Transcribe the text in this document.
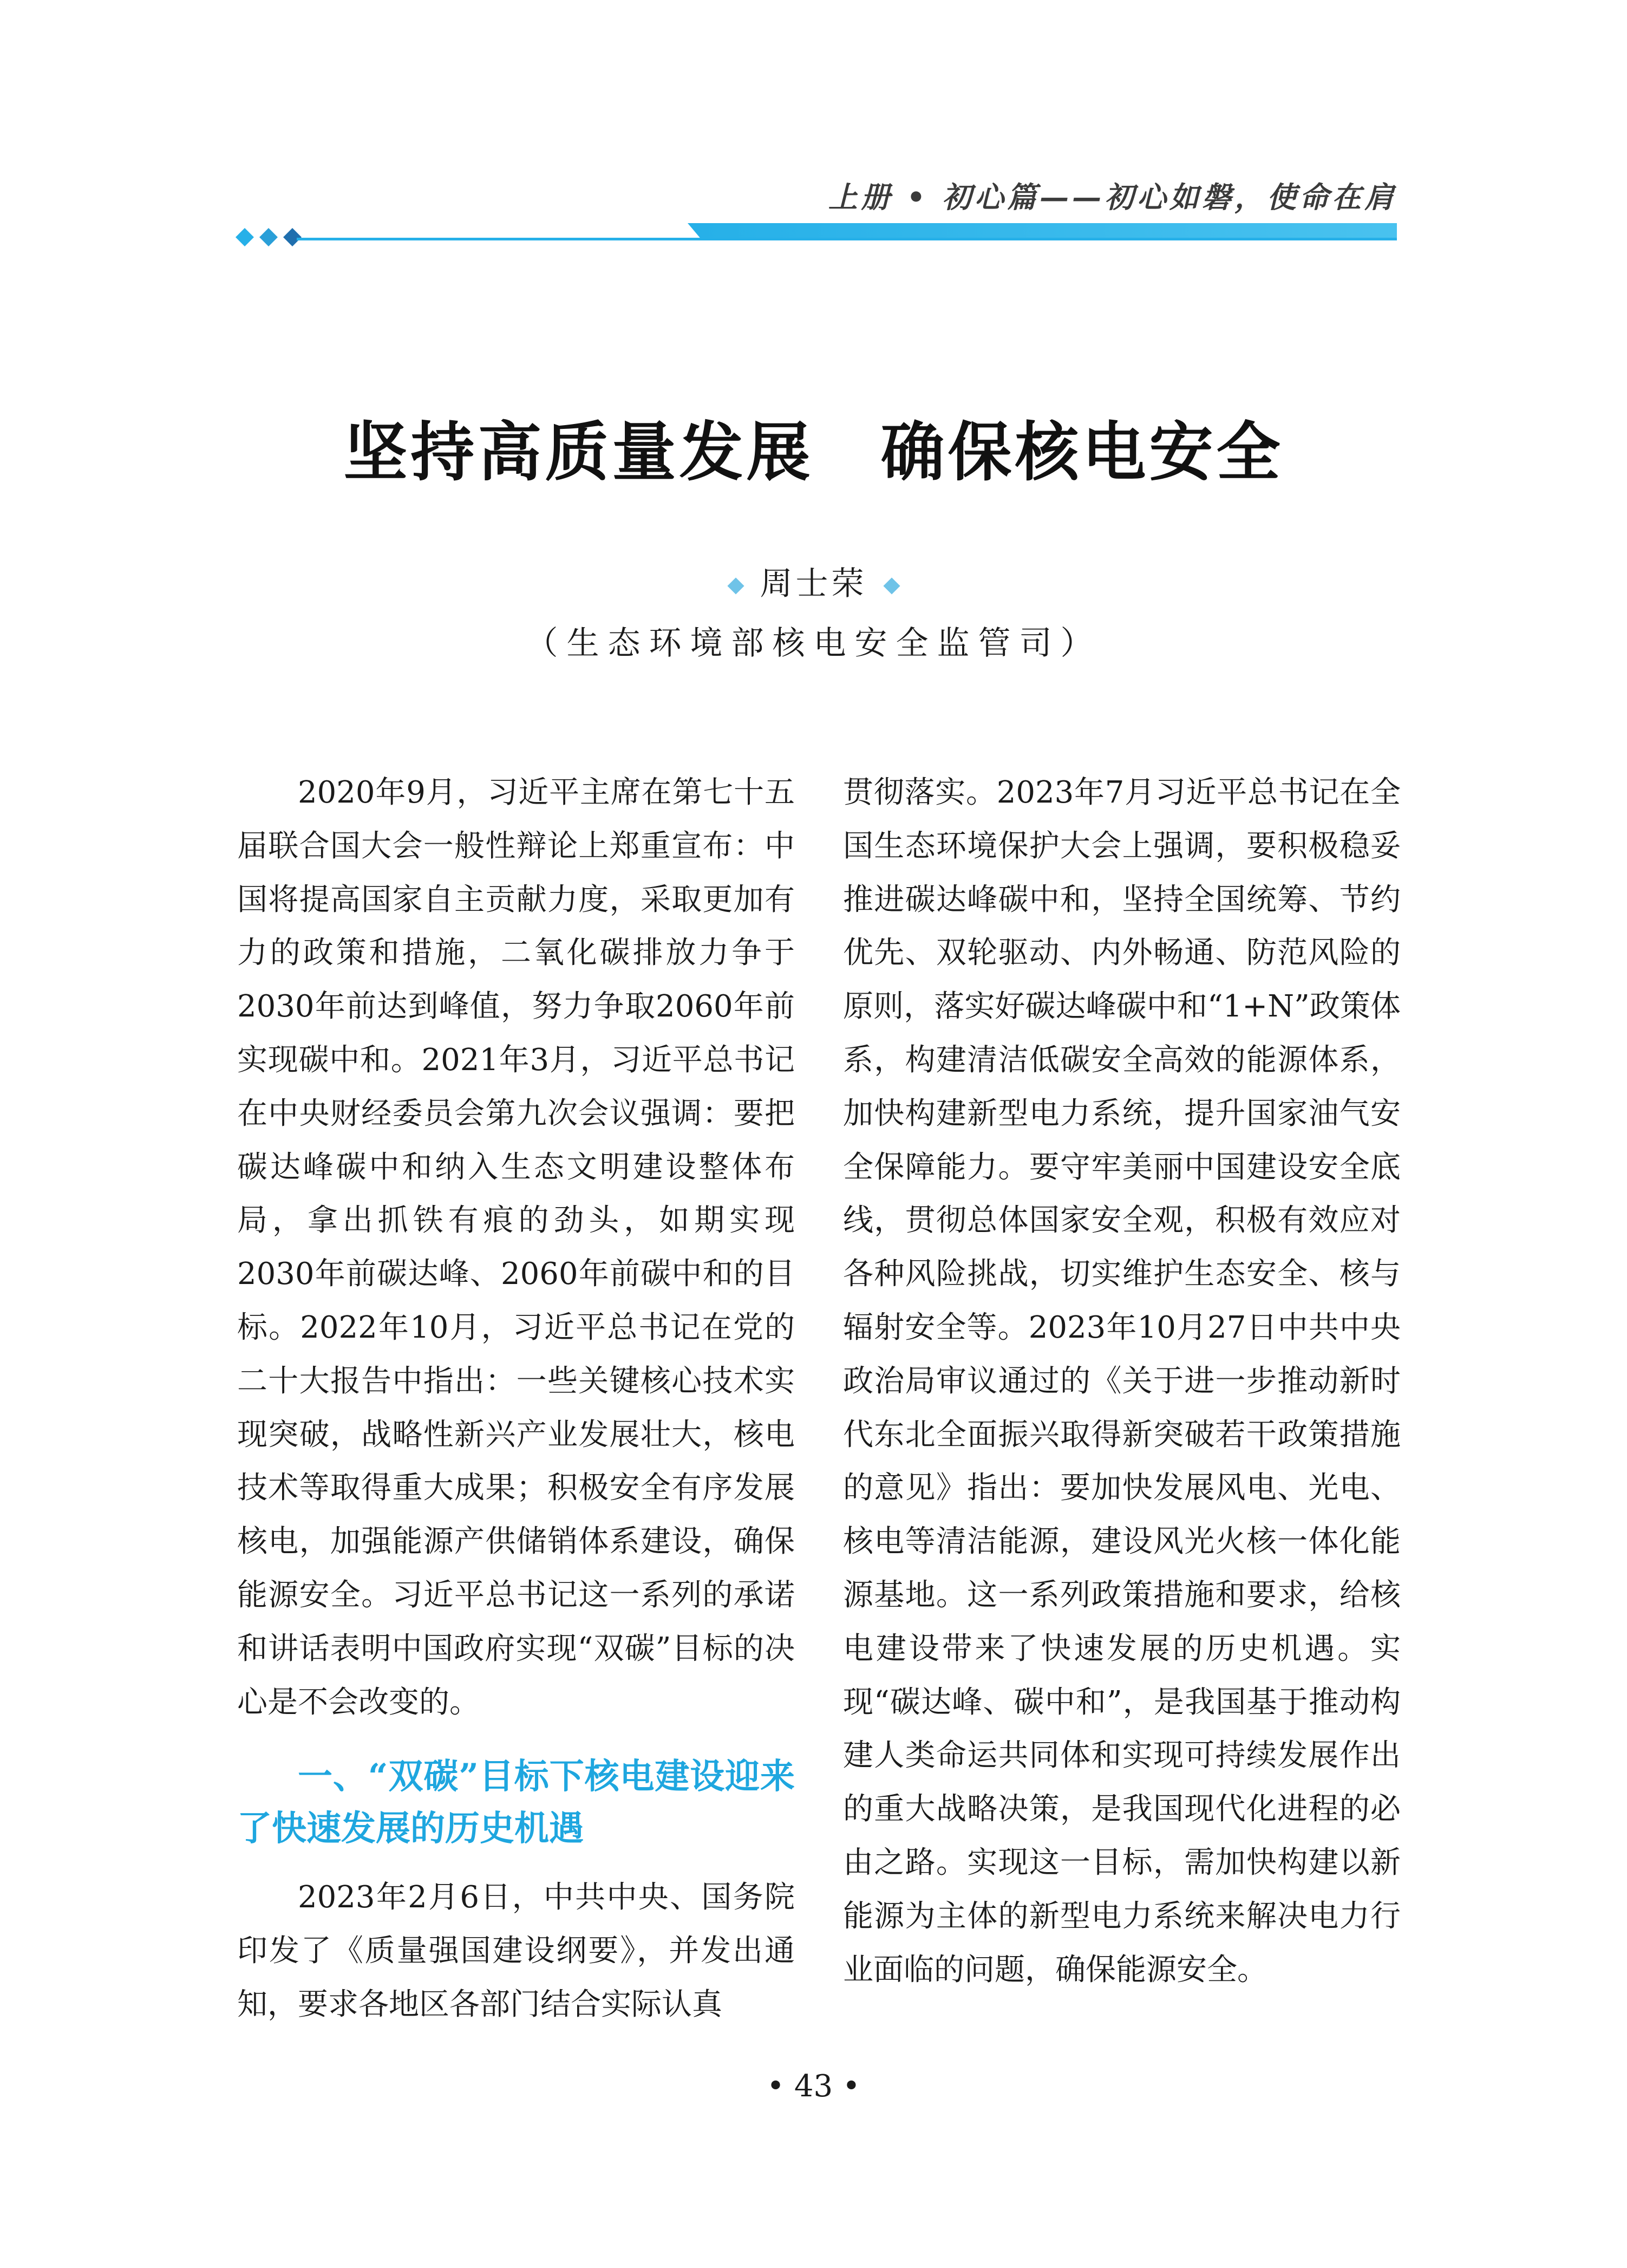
上册 • 初心篇——初心如磐，使命在肩
坚持高质量发展　确保核电安全
周士荣
（生态环境部核电安全监管司）

2020年9月，习近平主席在第七十五届联合国大会一般性辩论上郑重宣布：中国将提高国家自主贡献力度，采取更加有力的政策和措施，二氧化碳排放力争于2030年前达到峰值，努力争取2060年前实现碳中和。2021年3月，习近平总书记在中央财经委员会第九次会议强调：要把碳达峰碳中和纳入生态文明建设整体布局，拿出抓铁有痕的劲头，如期实现2030年前碳达峰、2060年前碳中和的目标。2022年10月，习近平总书记在党的二十大报告中指出：一些关键核心技术实现突破，战略性新兴产业发展壮大，核电技术等取得重大成果；积极安全有序发展核电，加强能源产供储销体系建设，确保能源安全。习近平总书记这一系列的承诺和讲话表明中国政府实现“双碳”目标的决心是不会改变的。

一、“双碳”目标下核电建设迎来了快速发展的历史机遇

2023年2月6日，中共中央、国务院印发了《质量强国建设纲要》，并发出通知，要求各地区各部门结合实际认真

贯彻落实。2023年7月习近平总书记在全国生态环境保护大会上强调，要积极稳妥推进碳达峰碳中和，坚持全国统筹、节约优先、双轮驱动、内外畅通、防范风险的原则，落实好碳达峰碳中和“1+N”政策体系，构建清洁低碳安全高效的能源体系，加快构建新型电力系统，提升国家油气安全保障能力。要守牢美丽中国建设安全底线，贯彻总体国家安全观，积极有效应对各种风险挑战，切实维护生态安全、核与辐射安全等。2023年10月27日中共中央政治局审议通过的《关于进一步推动新时代东北全面振兴取得新突破若干政策措施的意见》指出：要加快发展风电、光电、核电等清洁能源，建设风光火核一体化能源基地。这一系列政策措施和要求，给核电建设带来了快速发展的历史机遇。实现“碳达峰、碳中和”，是我国基于推动构建人类命运共同体和实现可持续发展作出的重大战略决策，是我国现代化进程的必由之路。实现这一目标，需加快构建以新能源为主体的新型电力系统来解决电力行业面临的问题，确保能源安全。

• 43 •
